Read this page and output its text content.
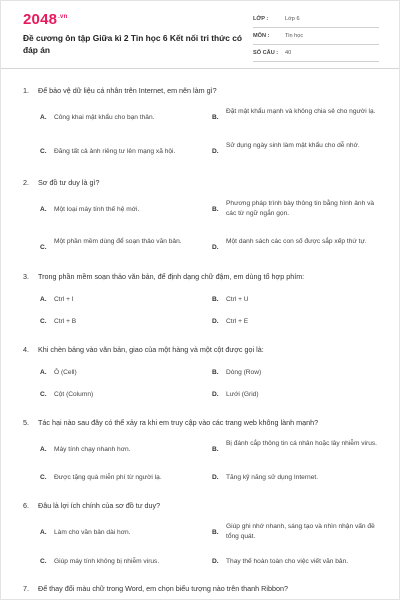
$2048^{.vn}$
Đề cương ôn tập Giữa kì 2 Tin học 6 Kết nối tri thức có đáp án
LỚP :	Lớp 6
MÔN :	Tin học
SỐ CÂU : 40
1. Để bảo vệ dữ liệu cá nhân trên Internet, em nên làm gì?
A. Công khai mật khẩu cho bạn thân.	B.
Đặt mật khẩu mạnh và không chia sẻ cho người lạ.
C. Đăng tất cả ảnh riêng tư lên mạng xã hội.	D.
Sử dụng ngày sinh làm mật khẩu cho dễ nhớ.
2. Sơ đồ tư duy là gì?
A. Một loại máy tính thế hệ mới.	B.
Phương pháp trình bày thông tin bằng hình ảnh và các từ ngữ ngắn gọn.
C.
Một phần mềm dùng để soạn thảo văn bản.
D.
Một danh sách các con số được sắp xếp thứ tự.
3. Trong phần mềm soạn thảo văn bản, để định dạng chữ đậm, em dùng tổ hợp phím:
A. Ctrl + I	B. Ctrl + U
C. Ctrl + B	D. Ctrl + E
4. Khi chèn bảng vào văn bản, giao của một hàng và một cột được gọi là:
A. Ô (Cell)	B. Dòng (Row)
C. Cột (Column)	D. Lưới (Grid)
5. Tác hại nào sau đây có thể xảy ra khi em truy cập vào các trang web không lành mạnh?
A. Máy tính chạy nhanh hơn.	B.
Bị đánh cắp thông tin cá nhân hoặc lây nhiễm virus.
C. Được tặng quà miễn phí từ người lạ.	D. Tăng kỹ năng sử dụng Internet.
6. Đâu là lợi ích chính của sơ đồ tư duy?
A. Làm cho văn bản dài hơn.	B.
Giúp ghi nhớ nhanh, sáng tạo và nhìn nhận vấn đề tổng quát.
C. Giúp máy tính không bị nhiễm virus.	D. Thay thế hoàn toàn cho việc viết văn bản.
7. Để thay đổi màu chữ trong Word, em chọn biểu tượng nào trên thanh Ribbon?
